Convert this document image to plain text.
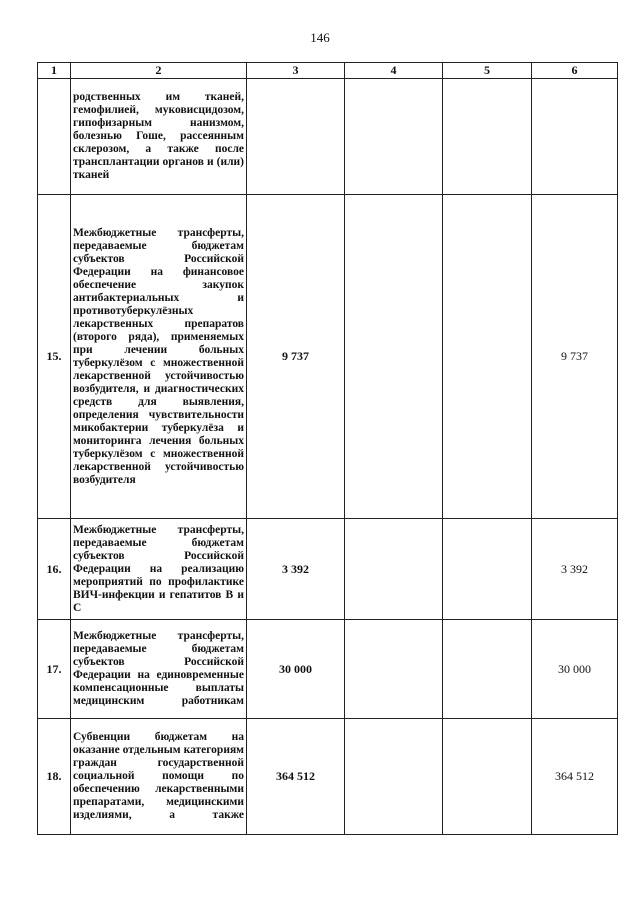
146
1	2	3	4	5	6
	родственных им тканей, гемофилией, муковисцидозом, гипофизарным нанизмом, болезнью Гоше, рассеянным склерозом, а также после трансплантации органов и (или) тканей				
15.	Межбюджетные трансферты, передаваемые бюджетам субъектов Российской Федерации на финансовое обеспечение закупок антибактериальных и противотуберкулёзных лекарственных препаратов (второго ряда), применяемых при лечении больных туберкулёзом с множественной лекарственной устойчивостью возбудителя, и диагностических средств для выявления, определения чувствительности микобактерии туберкулёза и мониторинга лечения больных туберкулёзом с множественной лекарственной устойчивостью возбудителя	9 737			9 737
16.	Межбюджетные трансферты, передаваемые бюджетам субъектов Российской Федерации на реализацию мероприятий по профилактике ВИЧ-инфекции и гепатитов В и С	3 392			3 392
17.	Межбюджетные трансферты, передаваемые бюджетам субъектов Российской Федерации на единовременные компенсационные выплаты медицинским работникам	30 000			30 000
18.	Субвенции бюджетам на оказание отдельным категориям граждан государственной социальной помощи по обеспечению лекарственными препаратами, медицинскими изделиями, а также	364 512			364 512
